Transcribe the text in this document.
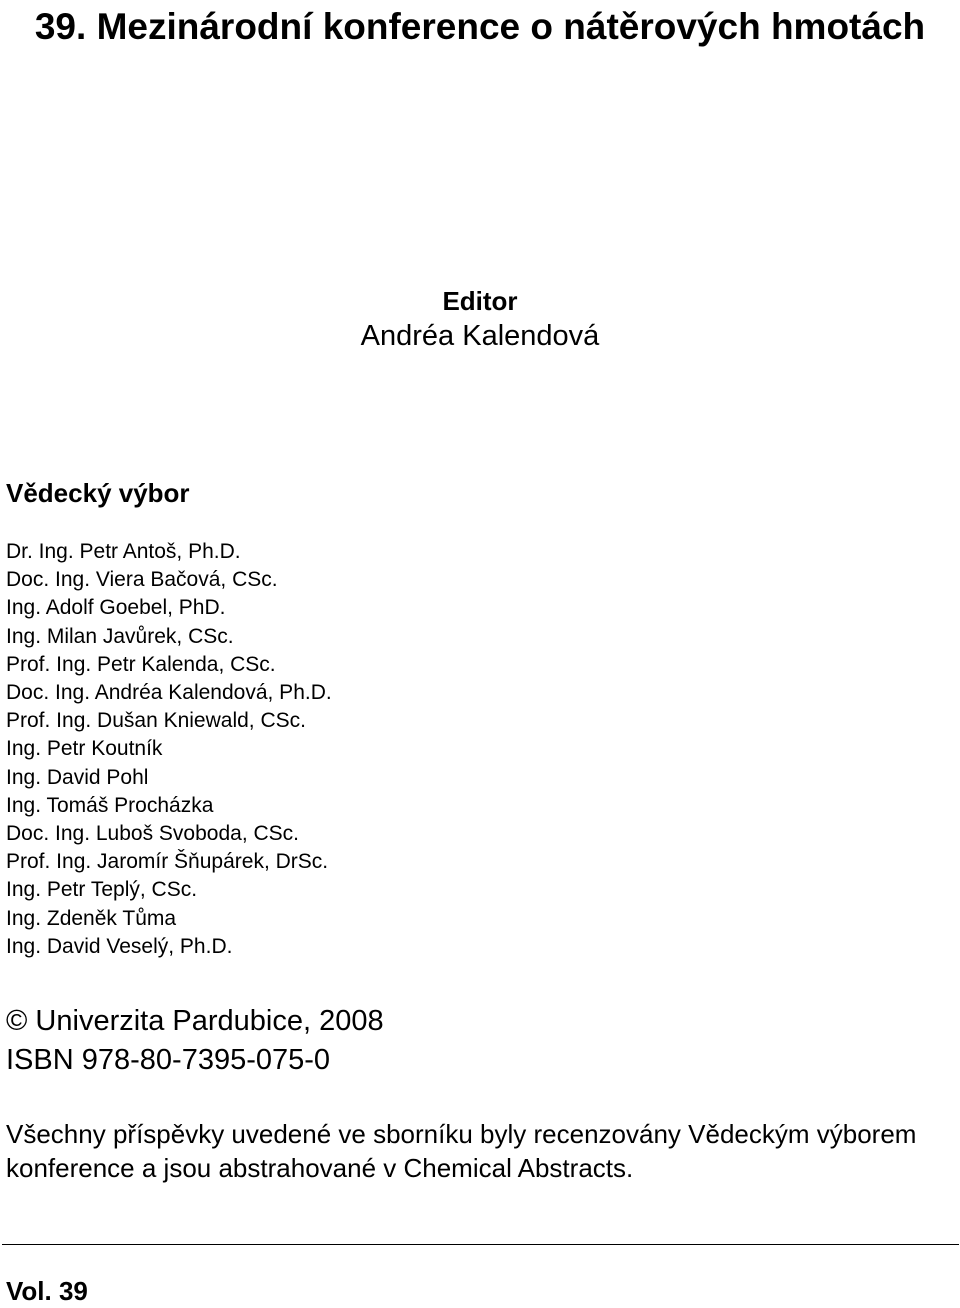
39. Mezinárodní konference o nátěrových hmotách
Editor
Andréa Kalendová
Vědecký výbor
Dr. Ing. Petr Antoš, Ph.D.
Doc. Ing. Viera Bačová, CSc.
Ing. Adolf Goebel, PhD.
Ing. Milan Javůrek, CSc.
Prof. Ing. Petr Kalenda, CSc.
Doc. Ing. Andréa Kalendová, Ph.D.
Prof. Ing. Dušan Kniewald, CSc.
Ing. Petr Koutník
Ing. David Pohl
Ing. Tomáš Procházka
Doc. Ing. Luboš Svoboda, CSc.
Prof. Ing. Jaromír Šňupárek, DrSc.
Ing. Petr Teplý, CSc.
Ing. Zdeněk Tůma
Ing. David Veselý, Ph.D.
© Univerzita Pardubice, 2008
ISBN 978-80-7395-075-0

Všechny příspěvky uvedené ve sborníku byly recenzovány Vědeckým výborem konference a jsou abstrahované v Chemical Abstracts.

Vol. 39
